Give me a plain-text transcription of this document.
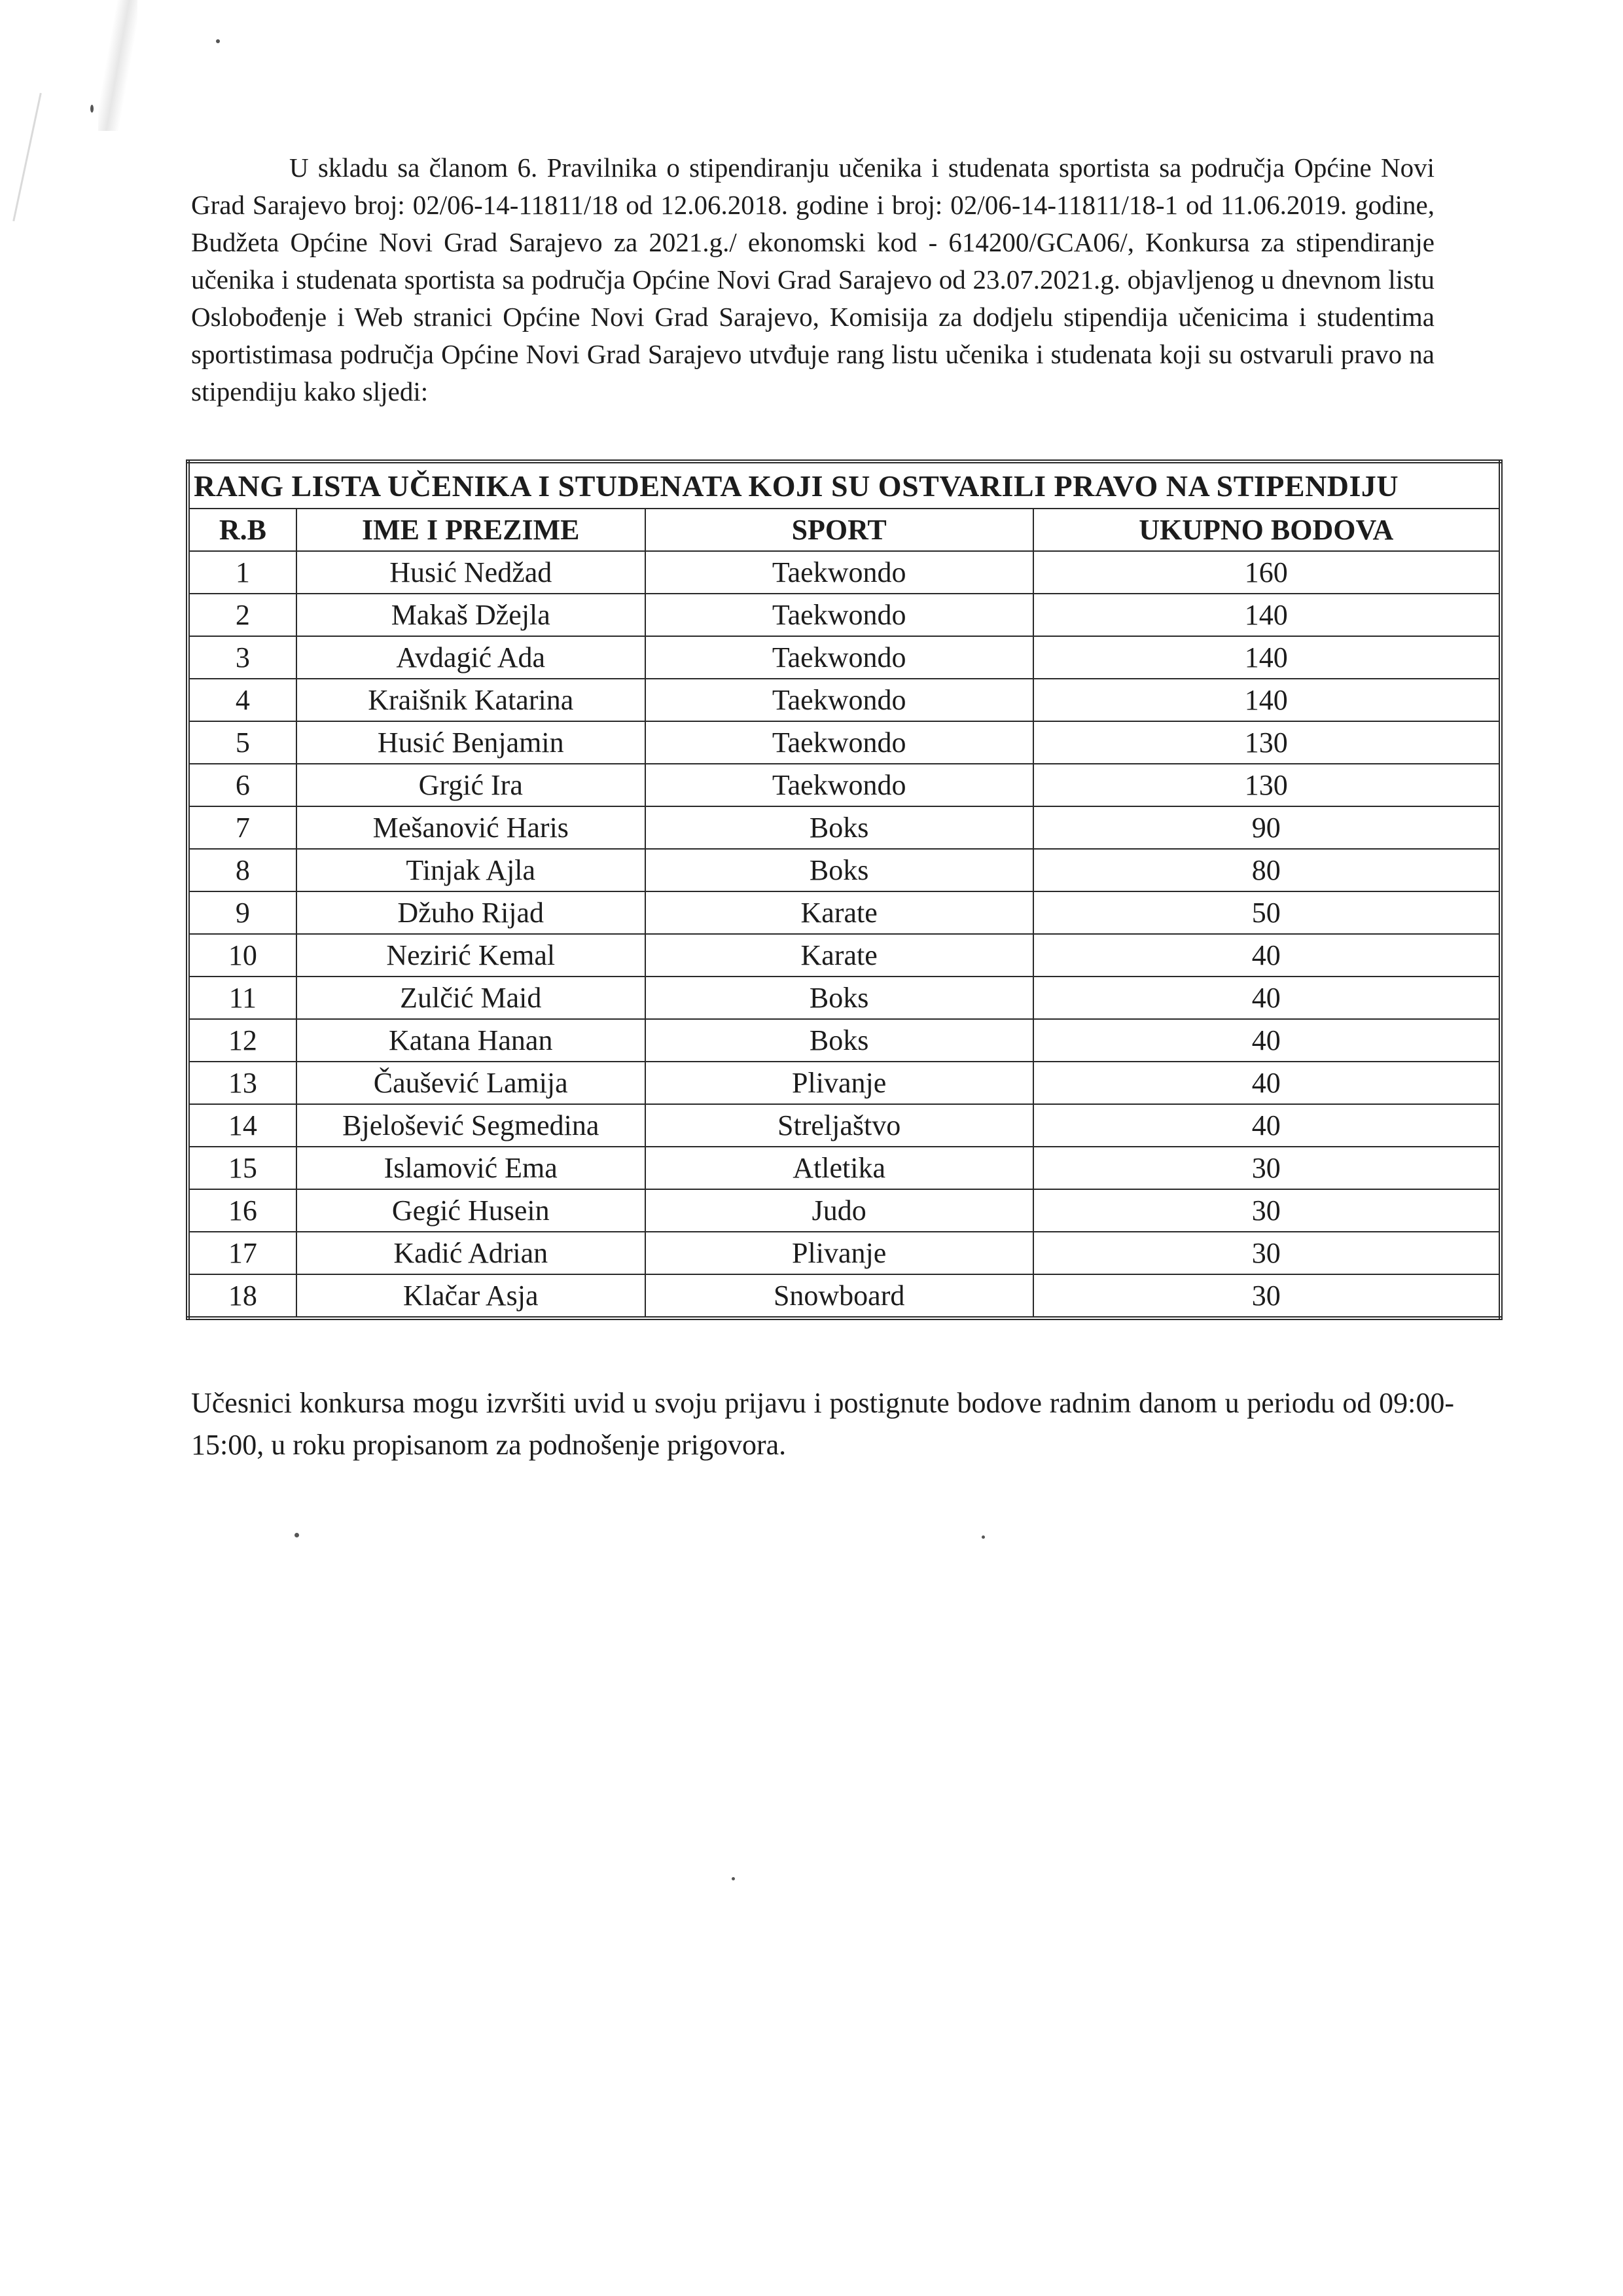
U skladu sa članom 6. Pravilnika o stipendiranju učenika i studenata sportista sa područja Općine Novi Grad Sarajevo broj: 02/06-14-11811/18 od 12.06.2018. godine i broj: 02/06-14-11811/18-1 od 11.06.2019. godine, Budžeta Općine Novi Grad Sarajevo za 2021.g./ ekonomski kod - 614200/GCA06/, Konkursa za stipendiranje učenika i studenata sportista sa područja Općine Novi Grad Sarajevo od 23.07.2021.g. objavljenog u dnevnom listu Oslobođenje i Web stranici Općine Novi Grad Sarajevo, Komisija za dodjelu stipendija učenicima i studentima sportistimasa područja Općine Novi Grad Sarajevo utvđuje rang listu učenika i studenata koji su ostvaruli pravo na stipendiju kako sljedi:

RANG LISTA UČENIKA I STUDENATA KOJI SU OSTVARILI PRAVO NA STIPENDIJU			
R.B	IME I PREZIME	SPORT	UKUPNO BODOVA
1	Husić Nedžad	Taekwondo	160
2	Makaš Džejla	Taekwondo	140
3	Avdagić Ada	Taekwondo	140
4	Kraišnik Katarina	Taekwondo	140
5	Husić Benjamin	Taekwondo	130
6	Grgić Ira	Taekwondo	130
7	Mešanović Haris	Boks	90
8	Tinjak Ajla	Boks	80
9	Džuho Rijad	Karate	50
10	Nezirić Kemal	Karate	40
11	Zulčić Maid	Boks	40
12	Katana Hanan	Boks	40
13	Čaušević Lamija	Plivanje	40
14	Bjelošević Segmedina	Streljaštvo	40
15	Islamović Ema	Atletika	30
16	Gegić Husein	Judo	30
17	Kadić Adrian	Plivanje	30
18	Klačar Asja	Snowboard	30

Učesnici konkursa mogu izvršiti uvid u svoju prijavu i postignute bodove radnim danom u periodu od 09:00-15:00, u roku propisanom za podnošenje prigovora.
